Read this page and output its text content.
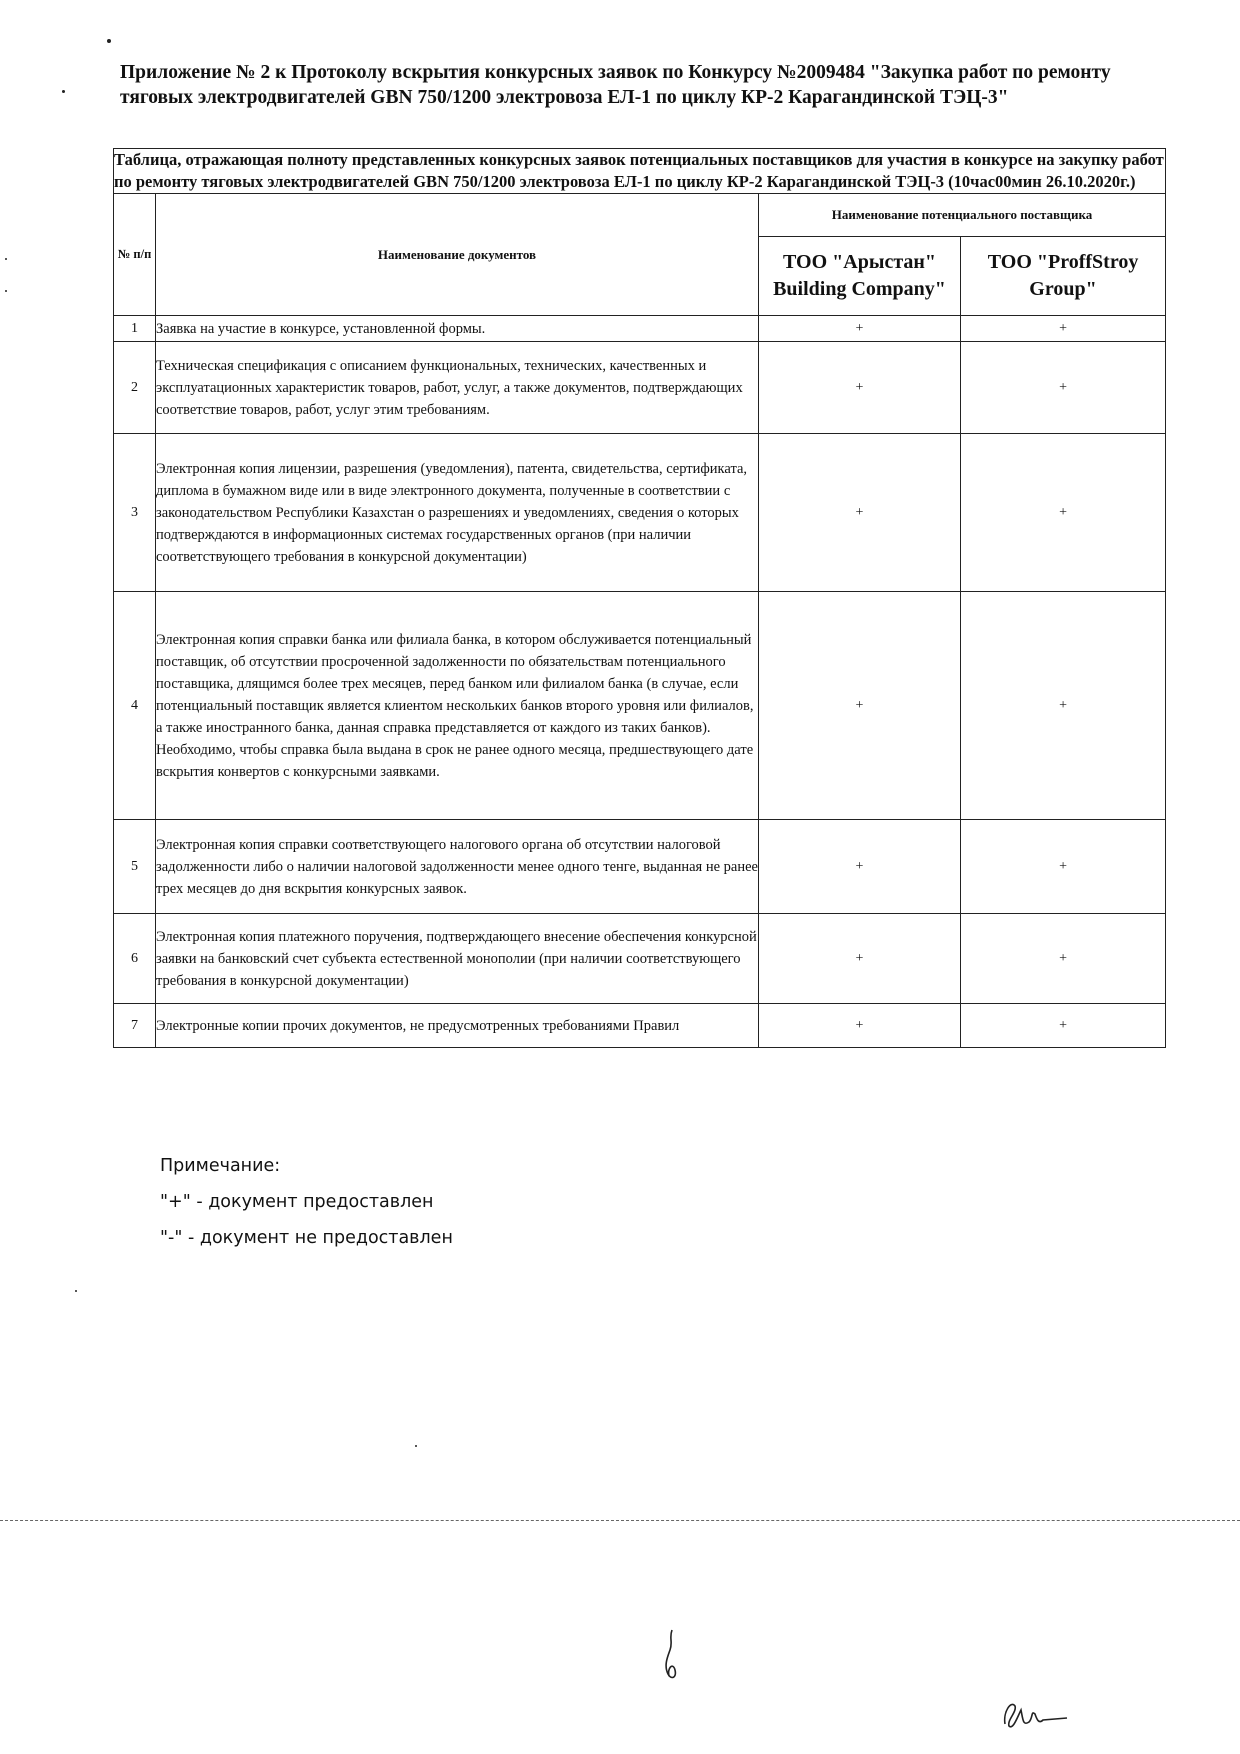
Приложение № 2 к Протоколу вскрытия конкурсных заявок по Конкурсу №2009484 "Закупка работ по ремонту тяговых электродвигателей GBN 750/1200 электровоза ЕЛ-1 по циклу КР-2 Карагандинской ТЭЦ-3"
Таблица, отражающая полноту представленных конкурсных заявок потенциальных поставщиков для участия в конкурсе на закупку работ по ремонту тяговых электродвигателей GBN 750/1200 электровоза ЕЛ-1 по циклу КР-2 Карагандинской ТЭЦ-3 (10час00мин 26.10.2020г.)			
№ п/п	Наименование документов	Наименование потенциального поставщика	
		ТОО "Арыстан" Building Company"	ТОО "ProffStroy Group"
1	Заявка на участие в конкурсе, установленной формы.	+	+
2	Техническая спецификация с описанием функциональных, технических, качественных и эксплуатационных характеристик товаров, работ, услуг, а также документов, подтверждающих соответствие товаров, работ, услуг этим требованиям.	+	+
3	Электронная копия лицензии, разрешения (уведомления), патента, свидетельства, сертификата, диплома в бумажном виде или в виде электронного документа, полученные в соответствии с законодательством Республики Казахстан о разрешениях и уведомлениях, сведения о которых подтверждаются в информационных системах государственных органов (при наличии соответствующего требования в конкурсной документации)	+	+
4	Электронная копия справки банка или филиала банка, в котором обслуживается потенциальный поставщик, об отсутствии просроченной задолженности по обязательствам потенциального поставщика, длящимся более трех месяцев, перед банком или филиалом банка (в случае, если потенциальный поставщик является клиентом нескольких банков второго уровня или филиалов, а также иностранного банка, данная справка представляется от каждого из таких банков). Необходимо, чтобы справка была выдана в срок не ранее одного месяца, предшествующего дате вскрытия конвертов с конкурсными заявками.	+	+
5	Электронная копия справки соответствующего налогового органа об отсутствии налоговой задолженности либо о наличии налоговой задолженности менее одного тенге, выданная не ранее трех месяцев до дня вскрытия конкурсных заявок.	+	+
6	Электронная копия платежного поручения, подтверждающего внесение обеспечения конкурсной заявки на банковский счет субъекта естественной монополии (при наличии соответствующего требования в конкурсной документации)	+	+
7	Электронные копии прочих документов, не предусмотренных требованиями Правил	+	+
Примечание:
"+" - документ предоставлен
"-" - документ не предоставлен
